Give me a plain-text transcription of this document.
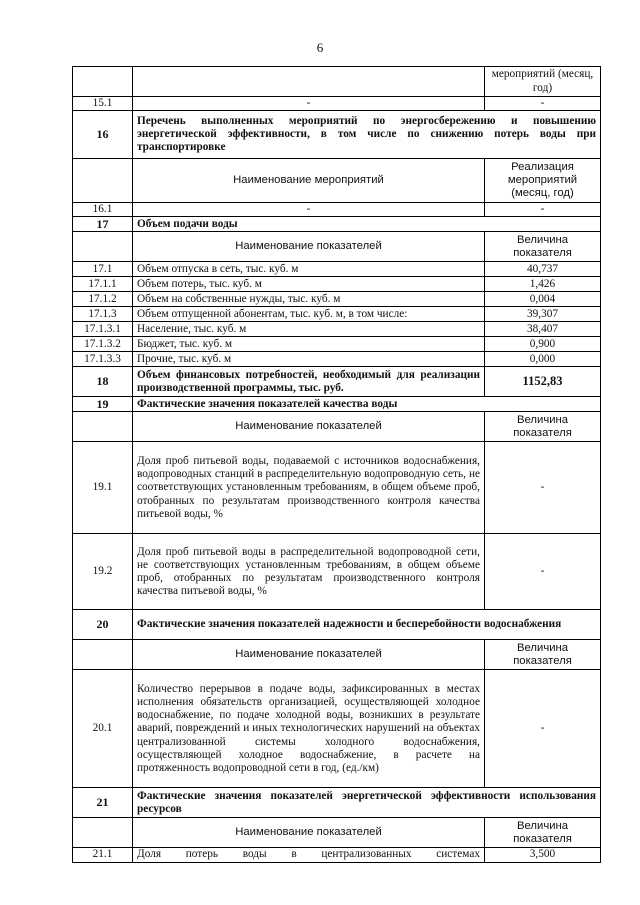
6
		мероприятий (месяц, год)
15.1	-	-
16	Перечень выполненных мероприятий по энергосбережению и повышению энергетической эффективности, в том числе по снижению потерь воды при транспортировке	
	Наименование мероприятий	Реализация мероприятий (месяц, год)
16.1	-	-
17	Объем подачи воды	
	Наименование показателей	Величина показателя
17.1	Объем отпуска в сеть, тыс. куб. м	40,737
17.1.1	Объем потерь, тыс. куб. м	1,426
17.1.2	Объем на собственные нужды, тыс. куб. м	0,004
17.1.3	Объем отпущенной абонентам, тыс. куб. м, в том числе:	39,307
17.1.3.1	Население, тыс. куб. м	38,407
17.1.3.2	Бюджет, тыс. куб. м	0,900
17.1.3.3	Прочие, тыс. куб. м	0,000
18	Объем финансовых потребностей, необходимый для реализации производственной программы, тыс. руб.	1152,83
19	Фактические значения показателей качества воды	
	Наименование показателей	Величина показателя
19.1	Доля проб питьевой воды, подаваемой с источников водоснабжения, водопроводных станций в распределительную водопроводную сеть, не соответствующих установленным требованиям, в общем объеме проб, отобранных по результатам производственного контроля качества питьевой воды, %	-
19.2	Доля проб питьевой воды в распределительной водопроводной сети, не соответствующих установленным требованиям, в общем объеме проб, отобранных по результатам производственного контроля качества питьевой воды, %	-
20	Фактические значения показателей надежности и бесперебойности водоснабжения	
	Наименование показателей	Величина показателя
20.1	Количество перерывов в подаче воды, зафиксированных в местах исполнения обязательств организацией, осуществляющей холодное водоснабжение, по подаче холодной воды, возникших в результате аварий, повреждений и иных технологических нарушений на объектах централизованной системы холодного водоснабжения, осуществляющей холодное водоснабжение, в расчете на протяженность водопроводной сети в год, (ед./км)	-
21	Фактические значения показателей энергетической эффективности использования ресурсов	
	Наименование показателей	Величина показателя
21.1	Доля потерь воды в централизованных системах	3,500
